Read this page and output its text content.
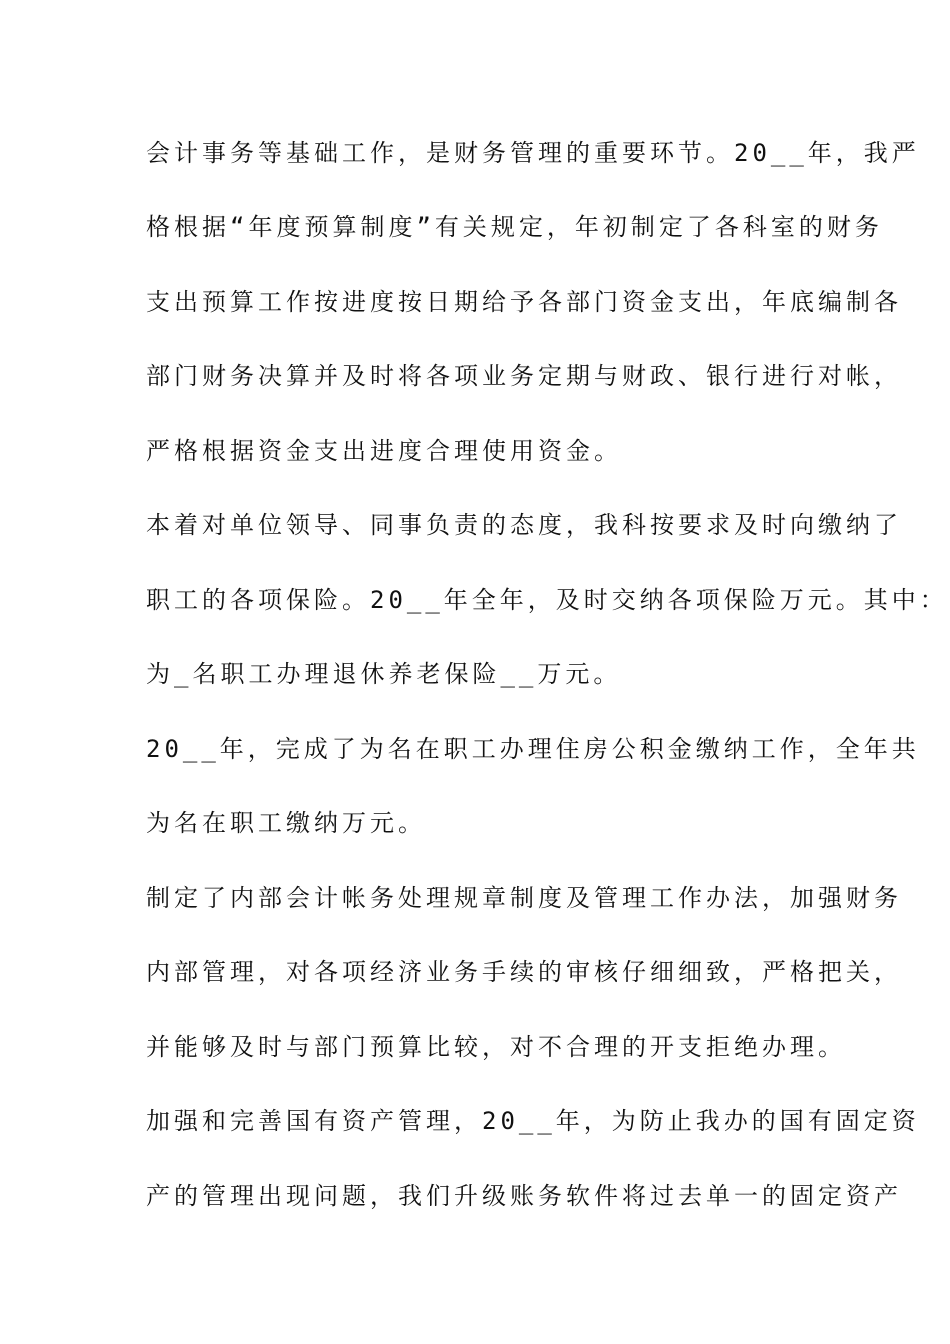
会计事务等基础工作，是财务管理的重要环节。20__年，我严
格根据“年度预算制度”有关规定，年初制定了各科室的财务
支出预算工作按进度按日期给予各部门资金支出，年底编制各
部门财务决算并及时将各项业务定期与财政、银行进行对帐，
严格根据资金支出进度合理使用资金。
本着对单位领导、同事负责的态度，我科按要求及时向缴纳了
职工的各项保险。20__年全年，及时交纳各项保险万元。其中：
为_名职工办理退休养老保险__万元。
20__年，完成了为名在职工办理住房公积金缴纳工作，全年共
为名在职工缴纳万元。
制定了内部会计帐务处理规章制度及管理工作办法，加强财务
内部管理，对各项经济业务手续的审核仔细细致，严格把关，
并能够及时与部门预算比较，对不合理的开支拒绝办理。
加强和完善国有资产管理，20__年，为防止我办的国有固定资
产的管理出现问题，我们升级账务软件将过去单一的固定资产
